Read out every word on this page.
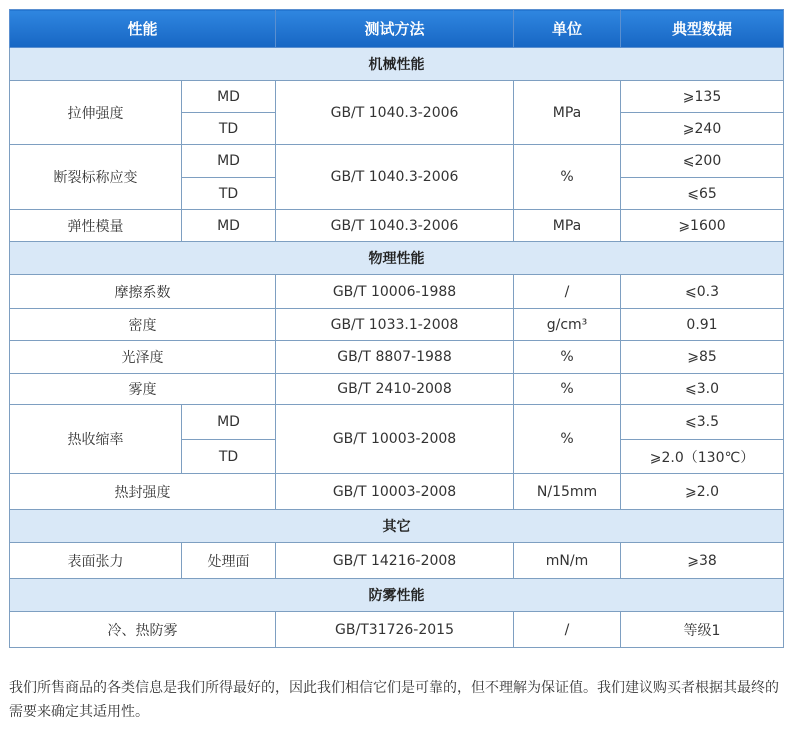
性能		测试方法	单位	典型数据
机械性能				
拉伸强度	MD	GB/T 1040.3-2006	MPa	⩾135
	TD			⩾240
断裂标称应变	MD	GB/T 1040.3-2006	%	⩽200
	TD			⩽65
弹性模量	MD	GB/T 1040.3-2006	MPa	⩾1600
物理性能				
摩擦系数		GB/T 10006-1988	/	⩽0.3
密度		GB/T 1033.1-2008	g/cm³	0.91
光泽度		GB/T 8807-1988	%	⩾85
雾度		GB/T 2410-2008	%	⩽3.0
热收缩率	MD	GB/T 10003-2008	%	⩽3.5
	TD			⩾2.0（130℃）
热封强度		GB/T 10003-2008	N/15mm	⩾2.0
其它				
表面张力	处理面	GB/T 14216-2008	mN/m	⩾38
防雾性能				
冷、热防雾		GB/T31726-2015	/	等级1
我们所售商品的各类信息是我们所得最好的，因此我们相信它们是可靠的，但不理解为保证值。我们建议购买者根据其最终的需要来确定其适用性。
